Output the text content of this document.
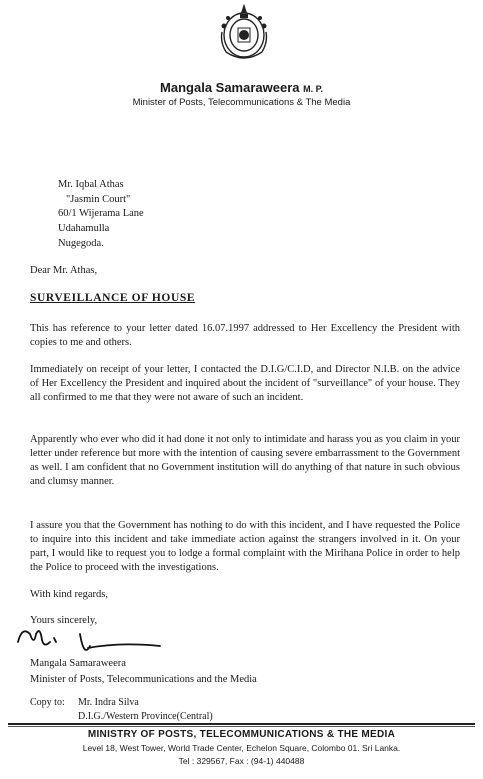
Mangala Samaraweera M. P.
Minister of Posts, Telecommunications & The Media
Mr. Iqbal Athas
"Jasmin Court"
60/1 Wijerama Lane
Udahamulla
Nugegoda.
Dear Mr. Athas,
SURVEILLANCE OF HOUSE
This has reference to your letter dated 16.07.1997 addressed to Her Excellency the President with copies to me and others.
Immediately on receipt of your letter, I contacted the D.I.G/C.I.D, and Director N.I.B. on the advice of Her Excellency the President and inquired about the incident of "surveillance" of your house. They all confirmed to me that they were not aware of such an incident.
Apparently who ever who did it had done it not only to intimidate and harass you as you claim in your letter under reference but more with the intention of causing severe embarrassment to the Government as well. I am confident that no Government institution will do anything of that nature in such obvious and clumsy manner.
I assure you that the Government has nothing to do with this incident, and I have requested the Police to inquire into this incident and take immediate action against the strangers involved in it. On your part, I would like to request you to lodge a formal complaint with the Mirihana Police in order to help the Police to proceed with the investigations.
With kind regards,
Yours sincerely,
Mangala Samaraweera
Minister of Posts, Telecommunications and the Media
Copy to: Mr. Indra Silva
D.I.G./Western Province(Central)
MINISTRY OF POSTS, TELECOMMUNICATIONS & THE MEDIA
Level 18, West Tower, World Trade Center, Echelon Square, Colombo 01. Sri Lanka.
Tel : 329567, Fax : (94-1) 440488
